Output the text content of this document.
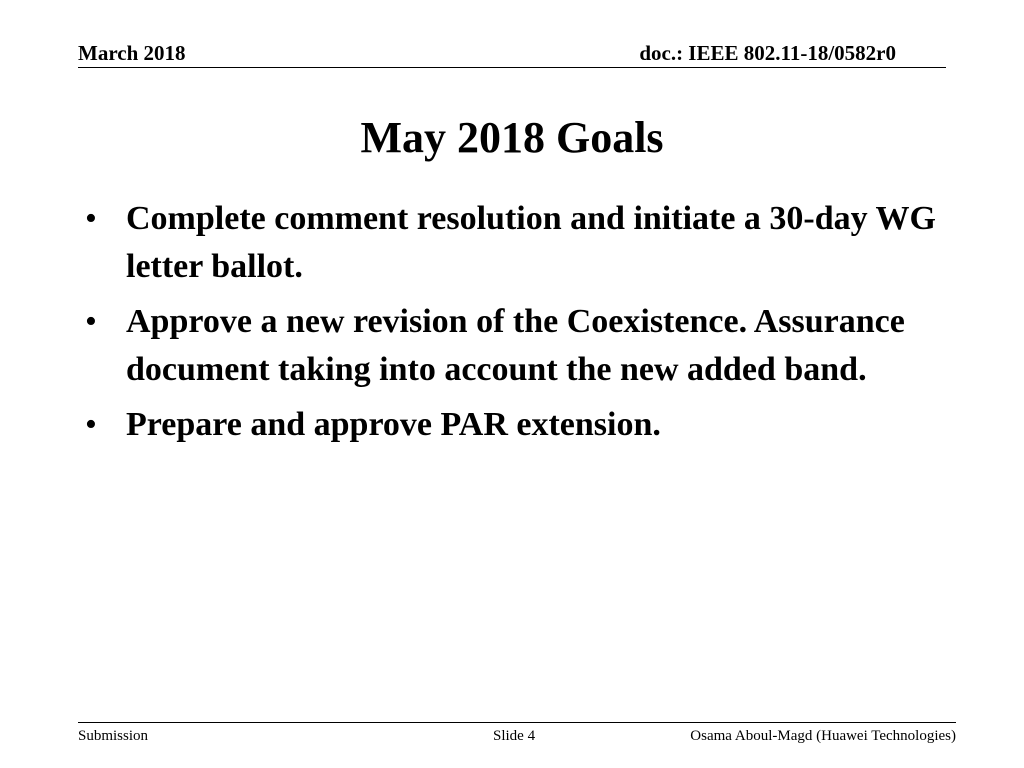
March 2018	doc.: IEEE 802.11-18/0582r0
May 2018 Goals
• Complete comment resolution and initiate a 30-day WG letter ballot.
• Approve a new revision of the Coexistence. Assurance document taking into account the new added band.
• Prepare and approve PAR extension.
Submission	Slide 4	Osama Aboul-Magd (Huawei Technologies)
